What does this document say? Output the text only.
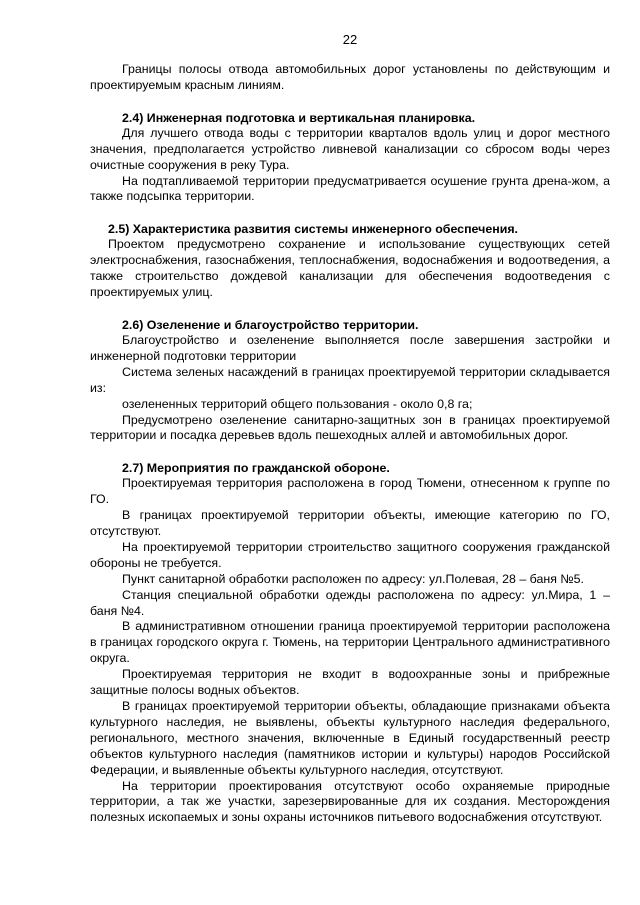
22

Границы полосы отвода автомобильных дорог установлены по действующим и проектируемым красным линиям.

2.4) Инженерная подготовка и вертикальная планировка.

Для лучшего отвода воды с территории кварталов вдоль улиц и дорог местного значения, предполагается устройство ливневой канализации со сбросом воды через очистные сооружения в реку Тура.

На подтапливаемой территории предусматривается осушение грунта дрена-жом, а также подсыпка территории.

2.5) Характеристика развития системы инженерного обеспечения.

Проектом предусмотрено сохранение и использование существующих сетей электроснабжения, газоснабжения, теплоснабжения, водоснабжения и водоотведения, а также строительство дождевой канализации для обеспечения водоотведения с проектируемых улиц.

2.6) Озеленение и благоустройство территории.

Благоустройство и озеленение выполняется после завершения застройки и инженерной подготовки территории

Система зеленых насаждений в границах проектируемой территории складывается из:

озелененных территорий общего пользования - около 0,8 га;

Предусмотрено озеленение санитарно-защитных зон в границах проектируемой территории и посадка деревьев вдоль пешеходных аллей и автомобильных дорог.

2.7) Мероприятия по гражданской обороне.

Проектируемая территория расположена в город Тюмени, отнесенном к группе по ГО.

В границах проектируемой территории объекты, имеющие категорию по ГО, отсутствуют.

На проектируемой территории строительство защитного сооружения гражданской обороны не требуется.

Пункт санитарной обработки расположен по адресу: ул.Полевая, 28 – баня №5.

Станция специальной обработки одежды расположена по адресу: ул.Мира, 1 – баня №4.

В административном отношении граница проектируемой территории расположена в границах городского округа г. Тюмень, на территории Центрального административного округа.

Проектируемая территория не входит в водоохранные зоны и прибрежные защитные полосы водных объектов.

В границах проектируемой территории объекты, обладающие признаками объекта культурного наследия, не выявлены, объекты культурного наследия федерального, регионального, местного значения, включенные в Единый государственный реестр объектов культурного наследия (памятников истории и культуры) народов Российской Федерации, и выявленные объекты культурного наследия, отсутствуют.

На территории проектирования отсутствуют особо охраняемые природные территории, а так же участки, зарезервированные для их создания. Месторождения полезных ископаемых и зоны охраны источников питьевого водоснабжения отсутствуют.
